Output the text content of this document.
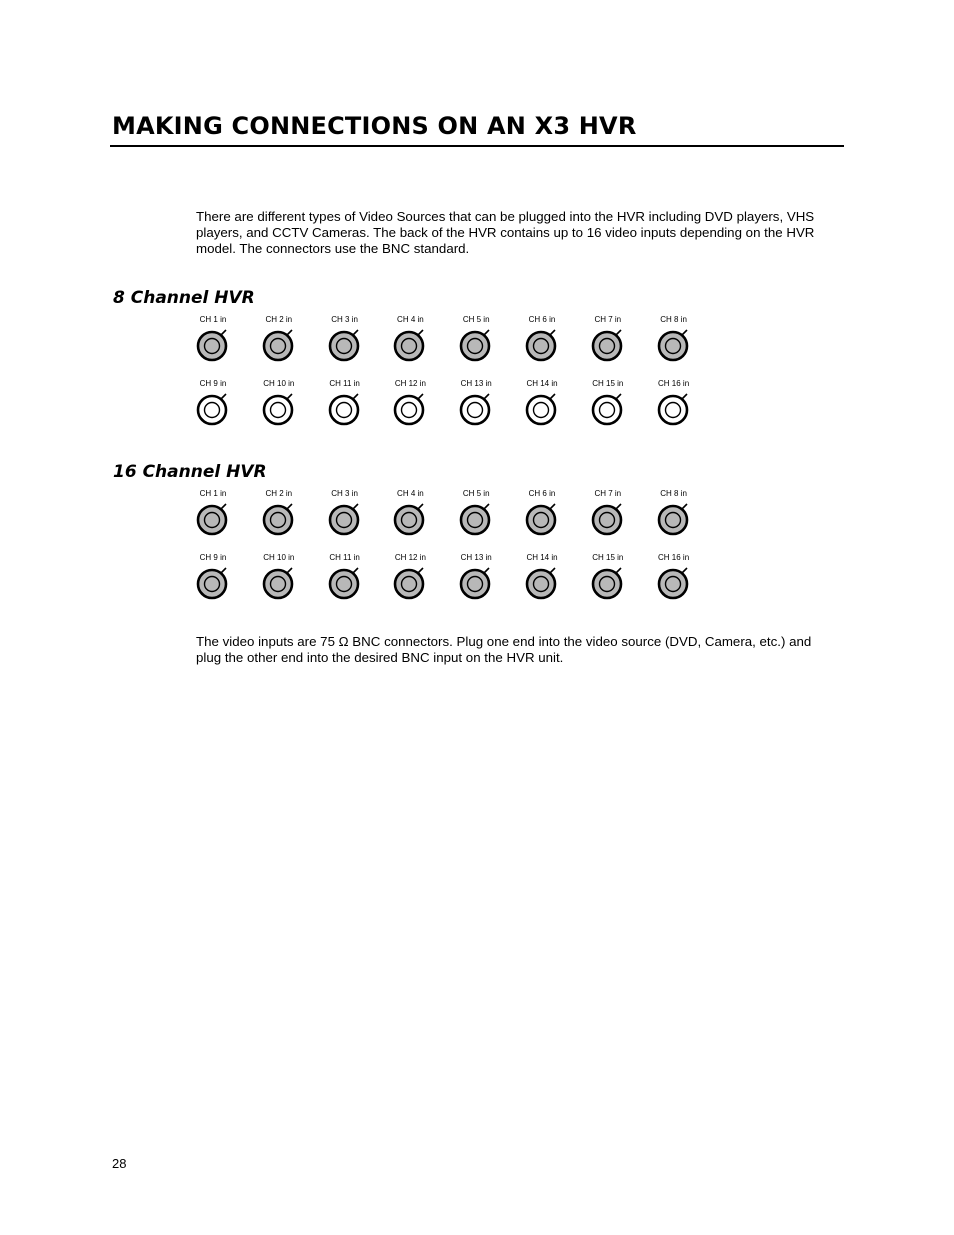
MAKING CONNECTIONS ON AN X3 HVR
There are different types of Video Sources that can be plugged into the HVR including DVD players, VHS players, and CCTV Cameras. The back of the HVR contains up to 16 video inputs depending on the HVR model. The connectors use the BNC standard.
8 Channel HVR
CH 1 in	CH 2 in	CH 3 in	CH 4 in	CH 5 in	CH 6 in	CH 7 in	CH 8 in
CH 9 in	CH 10 in	CH 11 in	CH 12 in	CH 13 in	CH 14 in	CH 15 in	CH 16 in
16 Channel HVR
CH 1 in	CH 2 in	CH 3 in	CH 4 in	CH 5 in	CH 6 in	CH 7 in	CH 8 in
CH 9 in	CH 10 in	CH 11 in	CH 12 in	CH 13 in	CH 14 in	CH 15 in	CH 16 in
The video inputs are 75 Ω BNC connectors. Plug one end into the video source (DVD, Camera, etc.) and plug the other end into the desired BNC input on the HVR unit.
28
